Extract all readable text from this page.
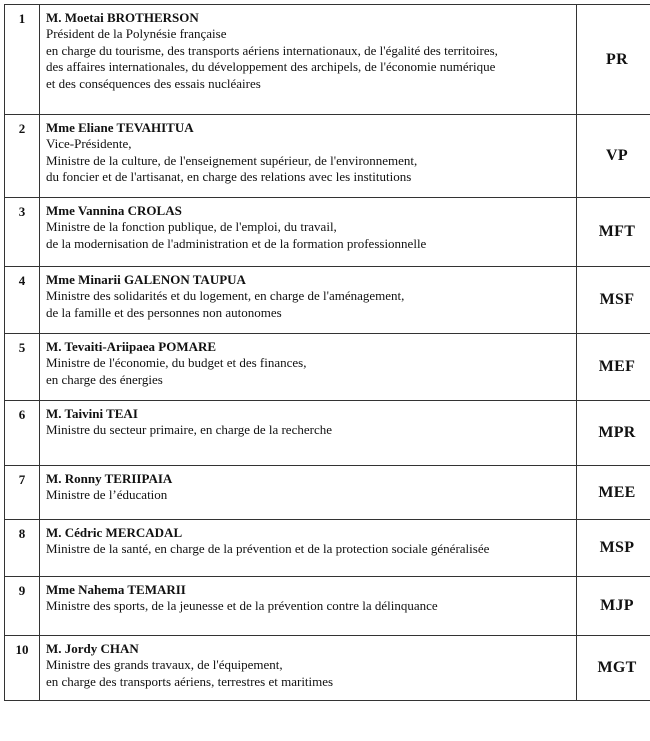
1	M. Moetai BROTHERSON
Président de la Polynésie française
en charge du tourisme, des transports aériens internationaux, de l'égalité des territoires,
des affaires internationales, du développement des archipels, de l'économie numérique
et des conséquences des essais nucléaires	PR
2	Mme Eliane TEVAHITUA
Vice-Présidente,
Ministre de la culture, de l'enseignement supérieur, de l'environnement,
du foncier et de l'artisanat, en charge des relations avec les institutions	VP
3	Mme Vannina CROLAS
Ministre de la fonction publique, de l'emploi, du travail,
de la modernisation de l'administration et de la formation professionnelle	MFT
4	Mme Minarii GALENON TAUPUA
Ministre des solidarités et du logement, en charge de l'aménagement,
de la famille et des personnes non autonomes	MSF
5	M. Tevaiti-Ariipaea POMARE
Ministre de l'économie, du budget et des finances,
en charge des énergies	MEF
6	M. Taivini TEAI
Ministre du secteur primaire, en charge de la recherche	MPR
7	M. Ronny TERIIPAIA
Ministre de l’éducation	MEE
8	M. Cédric MERCADAL
Ministre de la santé, en charge de la prévention et de la protection sociale généralisée	MSP
9	Mme Nahema TEMARII
Ministre des sports, de la jeunesse et de la prévention contre la délinquance	MJP
10	M. Jordy CHAN
Ministre des grands travaux, de l'équipement,
en charge des transports aériens, terrestres et maritimes	MGT
